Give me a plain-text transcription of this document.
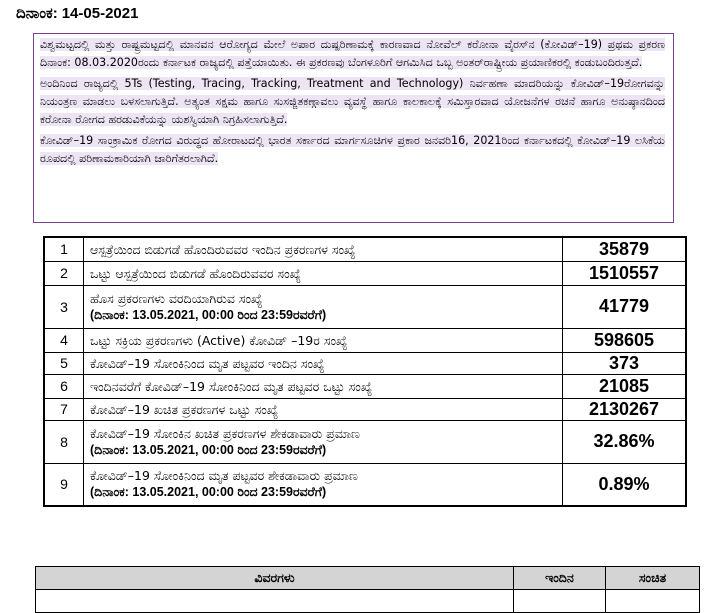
ದಿನಾಂಕ: 14-05-2021

ವಿಶ್ವಮಟ್ಟದಲ್ಲಿ ಮತ್ತು ರಾಷ್ಟ್ರಮಟ್ಟದಲ್ಲಿ ಮಾನವನ ಆರೋಗ್ಯದ ಮೇಲೆ ಅಪಾರ ದುಷ್ಪರಿಣಾಮಕ್ಕೆ ಕಾರಣವಾದ ನೋವೆಲ್ ಕರೋನಾ ವೈರಸ್‌ನ (ಕೋವಿಡ್–19) ಪ್ರಥಮ ಪ್ರಕರಣ ದಿನಾಂಕ: 08.03.2020ರಂದು ಕರ್ನಾಟಕ ರಾಜ್ಯದಲ್ಲಿ ಪತ್ತೆಯಾಯಿತು. ಈ ಪ್ರಕರಣವು ಬೆಂಗಳೂರಿಗೆ ಆಗಮಿಸಿದ ಒಬ್ಬ ಅಂತರ್‌ರಾಷ್ಟ್ರೀಯ ಪ್ರಯಾಣಿಕರಲ್ಲಿ ಕಂಡುಬಂದಿರುತ್ತದೆ.

ಅಂದಿನಿಂದ ರಾಜ್ಯದಲ್ಲಿ 5Ts (Testing, Tracing, Tracking, Treatment and Technology) ನಿರ್ವಹಣಾ ಮಾದರಿಯನ್ನು ಕೋವಿಡ್–19ರೋಗವನ್ನು ನಿಯಂತ್ರಣ ಮಾಡಲು ಬಳಸಲಾಗುತ್ತಿದೆ. ಅತ್ಯಂತ ಸಕ್ಷಮ ಹಾಗೂ ಸುಸಜ್ಜಿತಕಣ್ಗಾವಲು ವ್ಯವಸ್ಥೆ ಹಾಗೂ ಕಾಲಕಾಲಕ್ಕೆ ಸಮಿಸ್ತಾರವಾದ ಯೋಜನೆಗಳ ರಚನೆ ಹಾಗೂ ಅನುಷ್ಠಾನದಿಂದ ಕರೋನಾ ರೋಗದ ಹರಡುವಿಕೆಯನ್ನು ಯಶಸ್ವಿಯಾಗಿ ನಿಗ್ರಹಿಸಲಾಗುತ್ತಿದೆ.

ಕೋವಿಡ್–19 ಸಾಂಕ್ರಾಮಿಕ ರೋಗದ ವಿರುದ್ಧದ ಹೋರಾಟದಲ್ಲಿ ಭಾರತ ಸರ್ಕಾರದ ಮಾರ್ಗಸೂಚಿಗಳ ಪ್ರಕಾರ ಜನವರಿ16, 2021ರಿಂದ ಕರ್ನಾಟಕದಲ್ಲಿ ಕೋವಿಡ್–19 ಲಸಿಕೆಯ ರೂಪದಲ್ಲಿ ಪರಿಣಾಮಕಾರಿಯಾಗಿ ಜಾರಿಗೆತರಲಾಗಿದೆ.

1	ಆಸ್ಪತ್ರೆಯಿಂದ ಬಿಡುಗಡೆ ಹೊಂದಿರುವವರ ಇಂದಿನ ಪ್ರಕರಣಗಳ ಸಂಖ್ಯೆ	35879
2	ಒಟ್ಟು ಆಸ್ಪತ್ರೆಯಿಂದ ಬಿಡುಗಡೆ ಹೊಂದಿರುವವರ ಸಂಖ್ಯೆ	1510557
3	ಹೊಸ ಪ್ರಕರಣಗಳು ವರದಿಯಾಗಿರುವ ಸಂಖ್ಯೆ
(ದಿನಾಂಕ: 13.05.2021, 00:00 ರಿಂದ 23:59ರವರೆಗೆ)	41779
4	ಒಟ್ಟು ಸಕ್ರಿಯ ಪ್ರಕರಣಗಳು (Active) ಕೋವಿಡ್ –19ರ ಸಂಖ್ಯೆ	598605
5	ಕೋವಿಡ್–19 ಸೋಂಕಿನಿಂದ ಮೃತ ಪಟ್ಟವರ ಇಂದಿನ ಸಂಖ್ಯೆ	373
6	ಇಂದಿನವರೆಗೆ ಕೋವಿಡ್–19 ಸೋಂಕಿನಿಂದ ಮೃತ ಪಟ್ಟವರ ಒಟ್ಟು ಸಂಖ್ಯೆ	21085
7	ಕೋವಿಡ್–19 ಖಚಿತ ಪ್ರಕರಣಗಳ ಒಟ್ಟು ಸಂಖ್ಯೆ	2130267
8	ಕೋವಿಡ್–19 ಸೋಂಕಿನ ಖಚಿತ ಪ್ರಕರಣಗಳ ಶೇಕಡಾವಾರು ಪ್ರಮಾಣ
(ದಿನಾಂಕ: 13.05.2021, 00:00 ರಿಂದ 23:59ರವರೆಗೆ)	32.86%
9	ಕೋವಿಡ್–19 ಸೋಂಕಿನಿಂದ ಮೃತ ಪಟ್ಟವರ ಶೇಕಡಾವಾರು ಪ್ರಮಾಣ
(ದಿನಾಂಕ: 13.05.2021, 00:00 ರಿಂದ 23:59ರವರೆಗೆ)	0.89%
ವಿವರಗಳು	ಇಂದಿನ	ಸಂಚಿತ
